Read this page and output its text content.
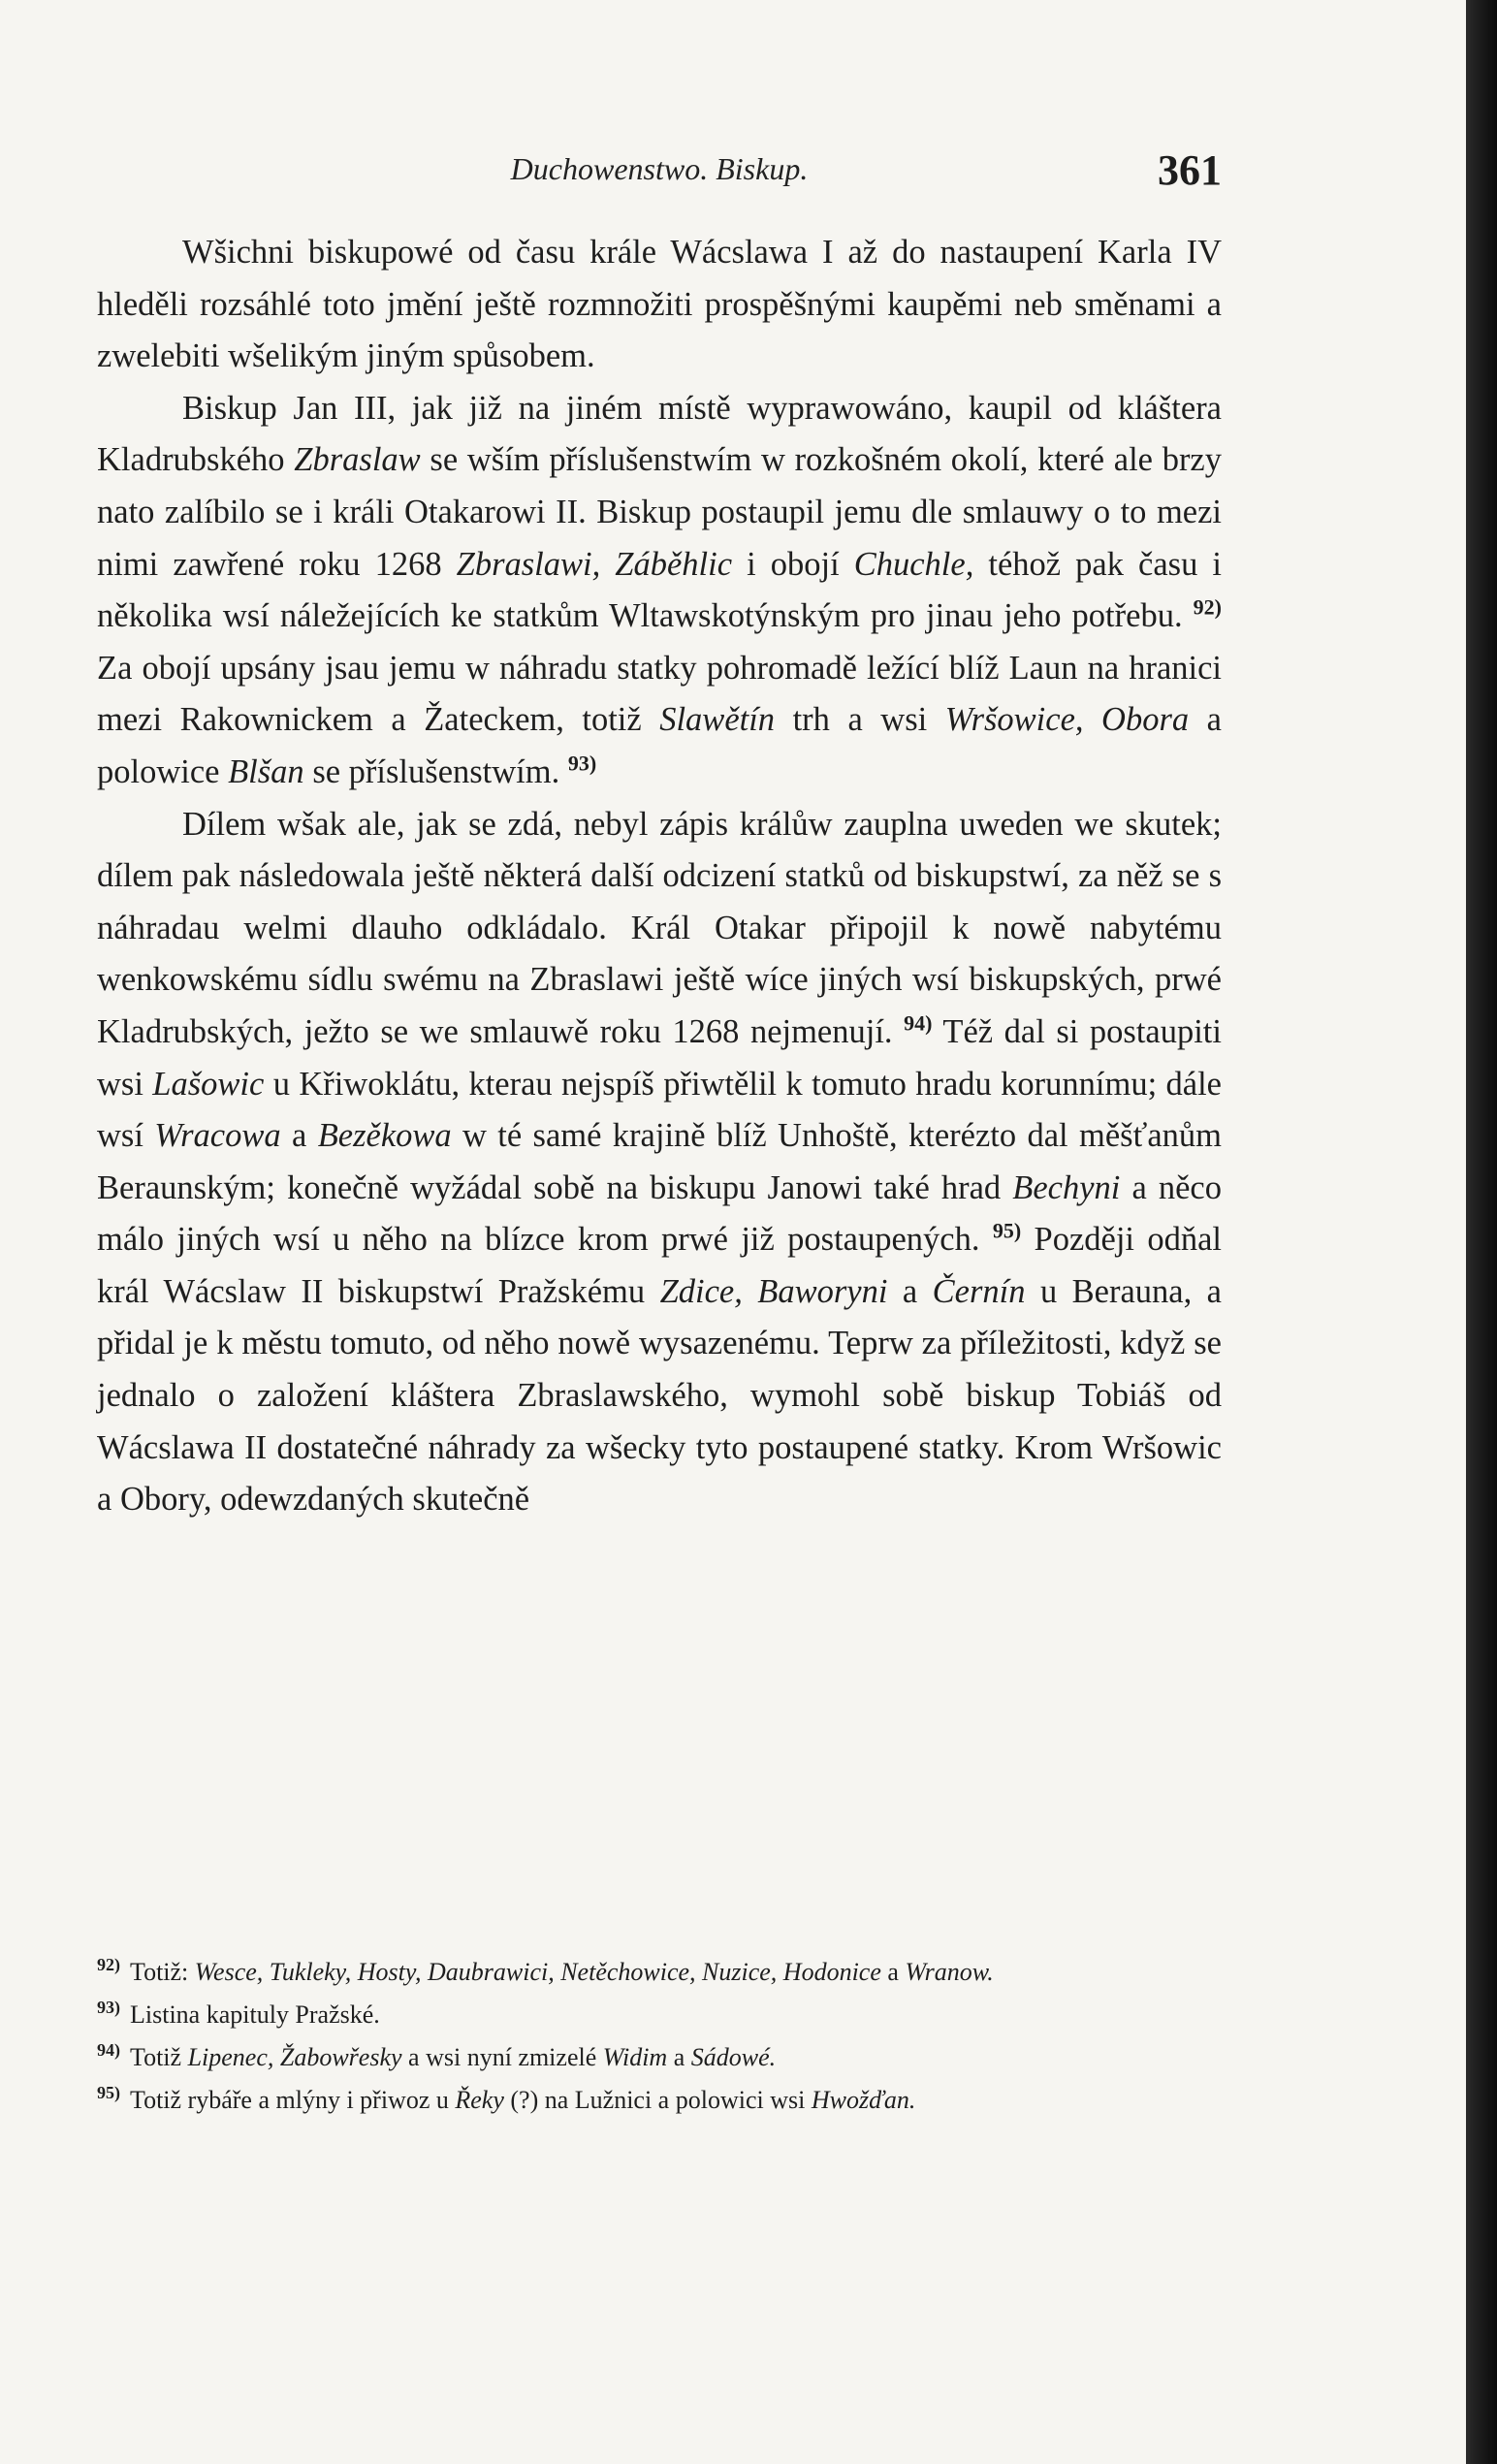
Duchowenstwo. Biskup.	361

Wšichni biskupowé od času krále Wácslawa I až do nastaupení Karla IV hleděli rozsáhlé toto jmění ještě rozmnožiti prospěšnými kaupěmi neb směnami a zwelebiti wšelikým jiným spůsobem.

Biskup Jan III, jak již na jiném místě wyprawowáno, kaupil od kláštera Kladrubského Zbraslaw se wším příslušenstwím w rozkošném okolí, které ale brzy nato zalíbilo se i králi Otakarowi II. Biskup postaupil jemu dle smlauwy o to mezi nimi zawřené roku 1268 Zbraslawi, Záběhlic i obojí Chuchle, téhož pak času i několika wsí náležejících ke statkům Wltawskotýnským pro jinau jeho potřebu. $^{92)}$ Za obojí upsány jsau jemu w náhradu statky pohromadě ležící blíž Laun na hranici mezi Rakownickem a Žateckem, totiž Slawětín trh a wsi Wršowice, Obora a polowice Blšan se příslušenstwím. $^{93)}$

Dílem wšak ale, jak se zdá, nebyl zápis králůw zauplna uweden we skutek; dílem pak následowala ještě některá další odcizení statků od biskupstwí, za něž se s náhradau welmi dlauho odkládalo. Král Otakar připojil k nowě nabytému wenkowskému sídlu swému na Zbraslawi ještě wíce jiných wsí biskupských, prwé Kladrubských, ježto se we smlauwě roku 1268 nejmenují. $^{94)}$ Též dal si postaupiti wsi Lašowic u Křiwoklátu, kterau nejspíš přiwtělil k tomuto hradu korunnímu; dále wsí Wracowa a Bezěkowa w té samé krajině blíž Unhoště, kterézto dal měšťanům Beraunským; konečně wyžádal sobě na biskupu Janowi také hrad Bechyni a něco málo jiných wsí u něho na blízce krom prwé již postaupených. $^{95)}$ Později odňal král Wácslaw II biskupstwí Pražskému Zdice, Baworyni a Černín u Berauna, a přidal je k městu tomuto, od něho nowě wysazenému. Teprw za příležitosti, když se jednalo o založení kláštera Zbraslawského, wymohl sobě biskup Tobiáš od Wácslawa II dostatečné náhrady za wšecky tyto postaupené statky. Krom Wršowic a Obory, odewzdaných skutečně

$^{92)}$ Totiž: Wesce, Tukleky, Hosty, Daubrawici, Netěchowice, Nuzice, Hodonice a Wranow.
$^{93)}$ Listina kapituly Pražské.
$^{94)}$ Totiž Lipenec, Žabowřesky a wsi nyní zmizelé Widim a Sádowé.
$^{95)}$ Totiž rybáře a mlýny i přiwoz u Řeky (?) na Lužnici a polowici wsi Hwožďan.
